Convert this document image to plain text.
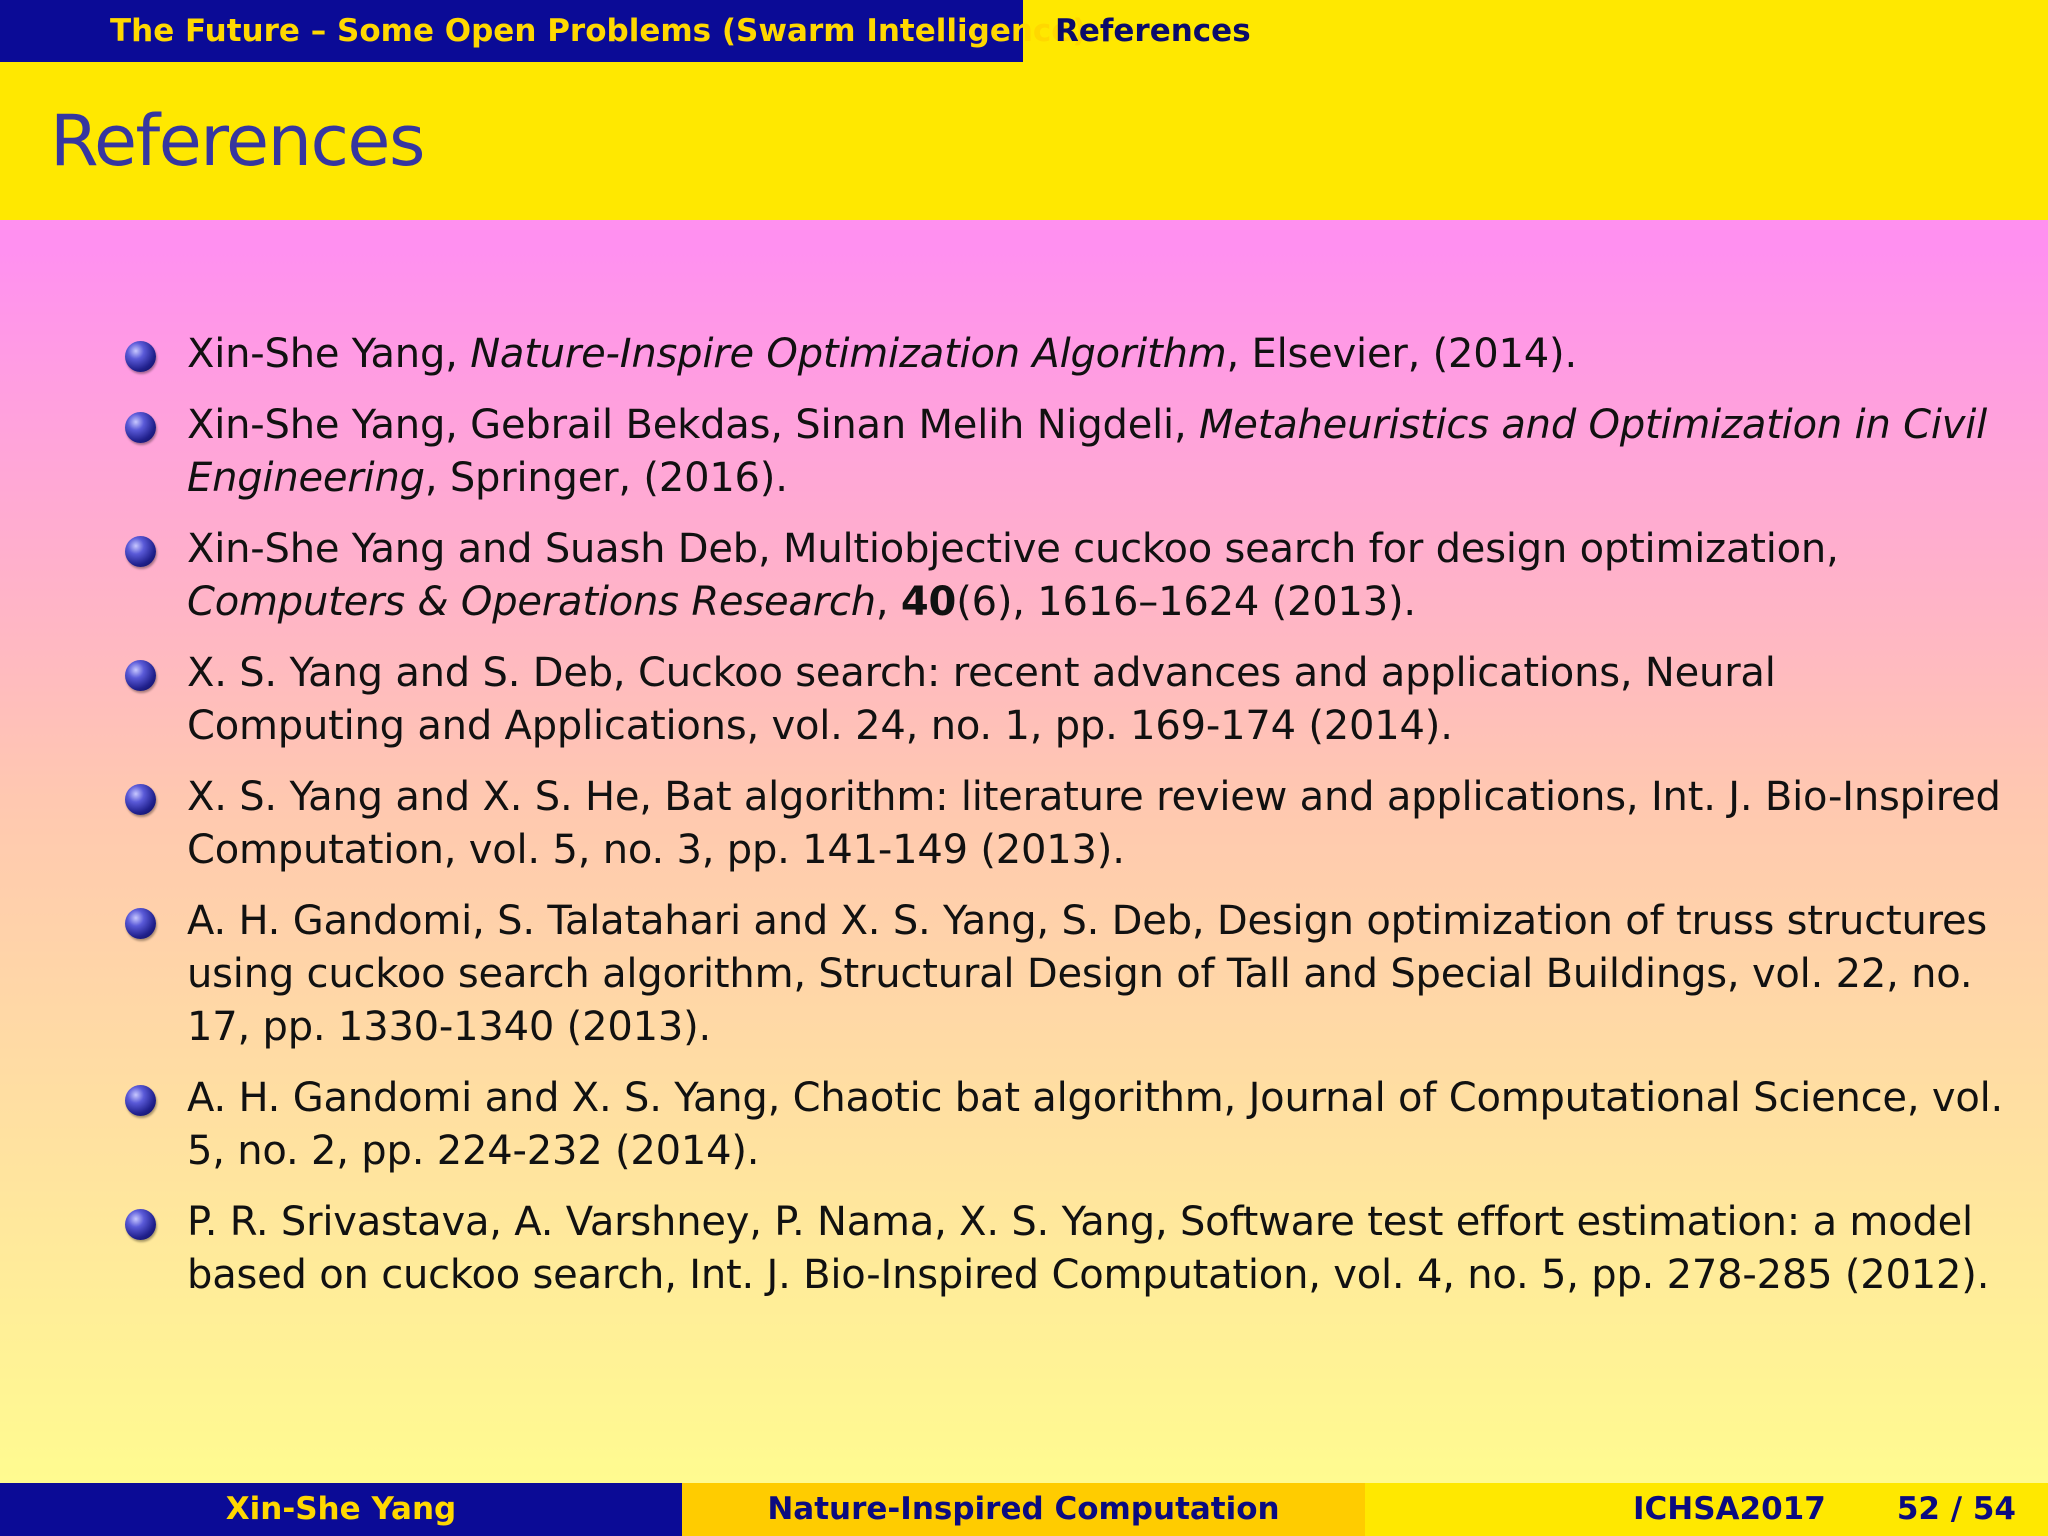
The Future – Some Open Problems (Swarm Intelligence)
References
References
Xin-She Yang, Nature-Inspire Optimization Algorithm, Elsevier, (2014).
Xin-She Yang, Gebrail Bekdas, Sinan Melih Nigdeli, Metaheuristics and Optimization in Civil Engineering, Springer, (2016).
Xin-She Yang and Suash Deb, Multiobjective cuckoo search for design optimization, Computers & Operations Research, 40(6), 1616–1624 (2013).
X. S. Yang and S. Deb, Cuckoo search: recent advances and applications, Neural Computing and Applications, vol. 24, no. 1, pp. 169-174 (2014).
X. S. Yang and X. S. He, Bat algorithm: literature review and applications, Int. J. Bio-Inspired Computation, vol. 5, no. 3, pp. 141-149 (2013).
A. H. Gandomi, S. Talatahari and X. S. Yang, S. Deb, Design optimization of truss structures using cuckoo search algorithm, Structural Design of Tall and Special Buildings, vol. 22, no. 17, pp. 1330-1340 (2013).
A. H. Gandomi and X. S. Yang, Chaotic bat algorithm, Journal of Computational Science, vol. 5, no. 2, pp. 224-232 (2014).
P. R. Srivastava, A. Varshney, P. Nama, X. S. Yang, Software test effort estimation: a model based on cuckoo search, Int. J. Bio-Inspired Computation, vol. 4, no. 5, pp. 278-285 (2012).
Xin-She Yang	Nature-Inspired Computation	ICHSA2017 52 / 54
